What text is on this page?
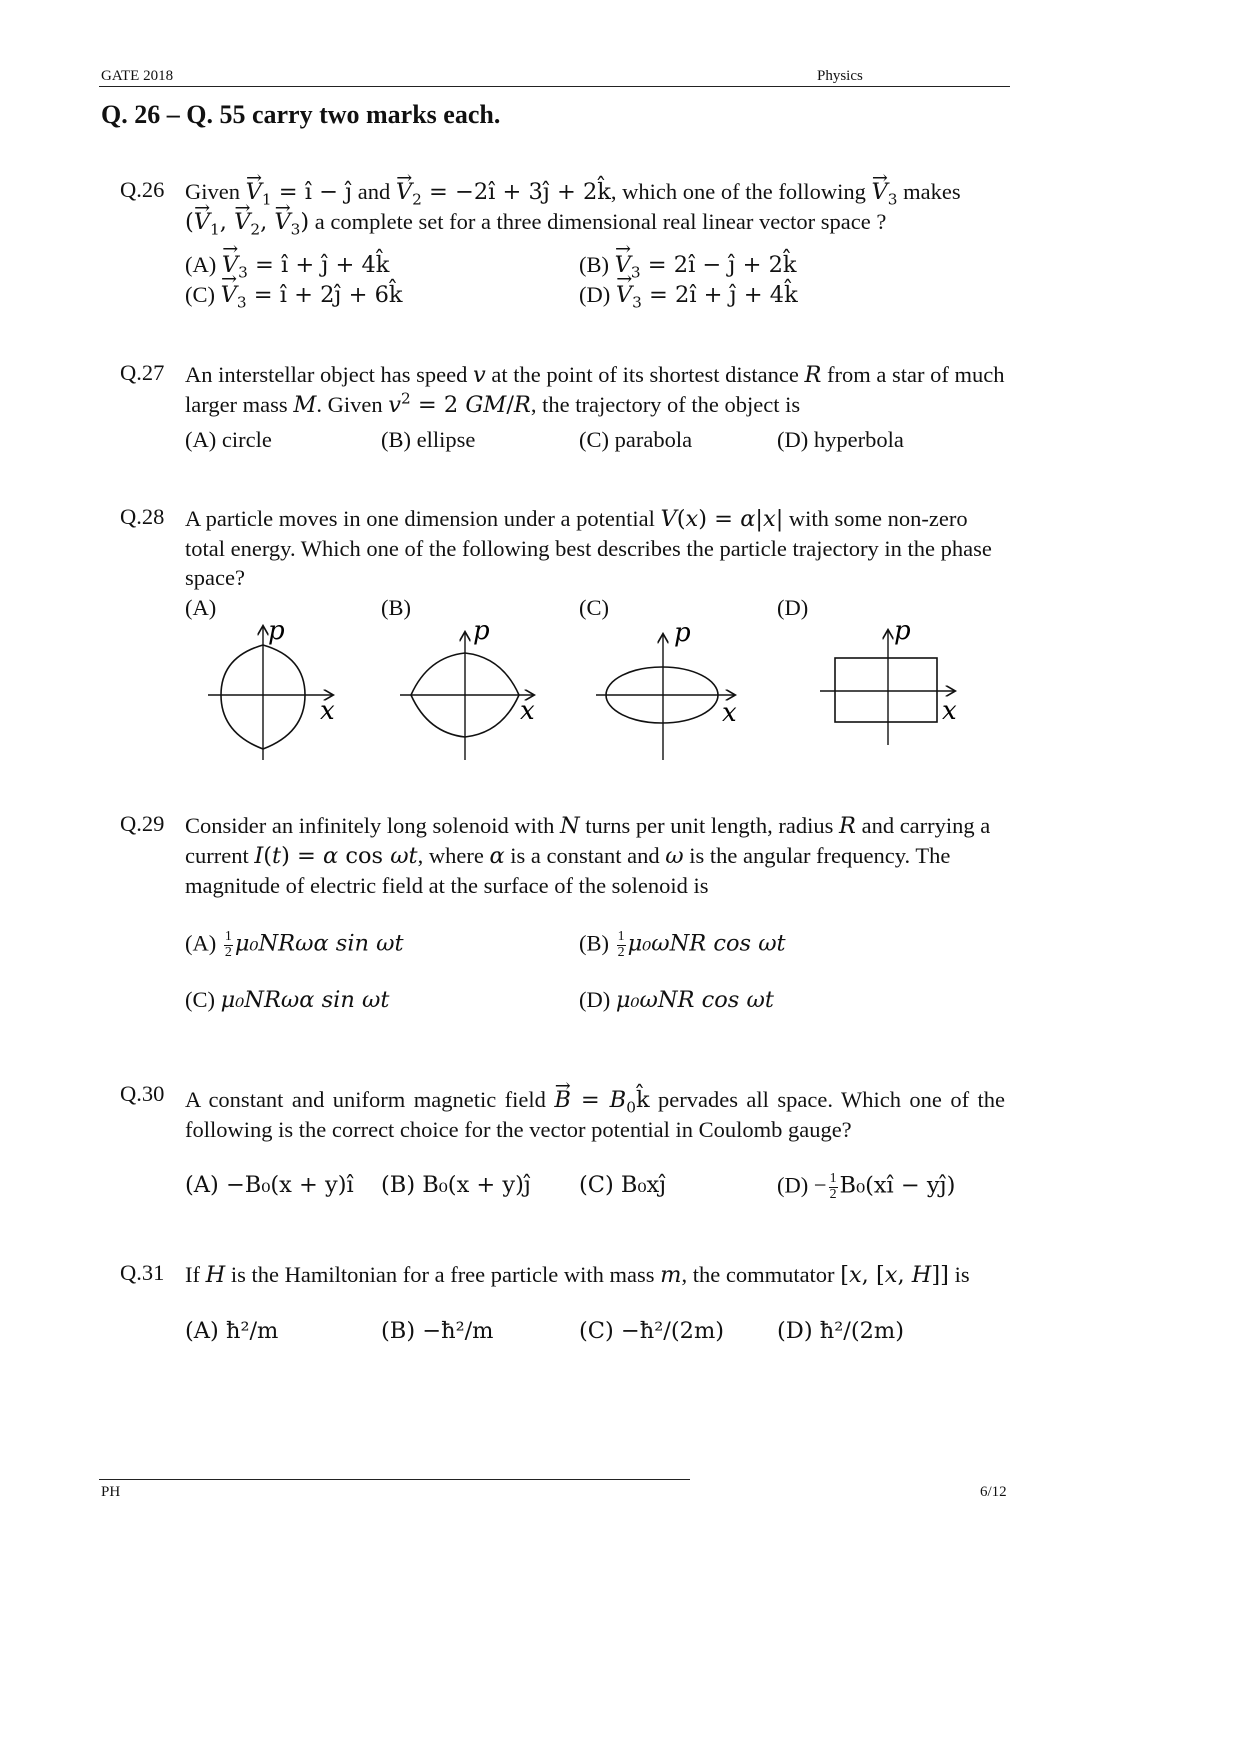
GATE 2018	Physics
Q. 26 – Q. 55 carry two marks each.
Q.26 Given → $V_1$ = î − ĵ and → $V_2$ = −2î + 3ĵ + 2k̂, which one of the following → $V_3$ makes
(→ $V_1$, → $V_2$, → $V_3$) a complete set for a three dimensional real linear vector space ?
$(A) \to V_3$ = î + ĵ + 4k̂	$(B) \to V_3$ = 2î − ĵ + 2k̂
$(C) \to V_3$ = î + 2ĵ + 6k̂	$(D) \to V_3$ = 2î + ĵ + 4k̂
Q.27 An interstellar object has speed v at the point of its shortest distance R from a star of much larger mass M. Given $v^2 = 2$ GM/R, the trajectory of the object is
(A) circle	(B) ellipse	(C) parabola	(D) hyperbola
Q.28 A particle moves in one dimension under a potential V(x) = α|x| with some non-zero total energy. Which one of the following best describes the particle trajectory in the phase space?
(A)	(B)	(C)	(D)
p
x
p
x
p
x
p
x
Q.29 Consider an infinitely long solenoid with N turns per unit length, radius R and carrying a current I(t) = α cos ωt, where α is a constant and ω is the angular frequency. The magnitude of electric field at the surface of the solenoid is
$(A) \frac{1}{2} \mu_0NR\omega\alpha$ sin ωt	$(B) \frac{1}{2} \mu_0\omega NR$ cos ωt
(C) μ₀NRωα sin ωt	(D) μ₀ωNR cos ωt
Q.30 A constant and uniform magnetic field → $B = B_0k̂$ pervades all space. Which one of the following is the correct choice for the vector potential in Coulomb gauge?
(A) −B₀(x + y)î (B) B₀(x + y)ĵ (C) B₀xĵ	$(D) - \frac{1}{2}$ B₀(xî − yĵ)
Q.31 If H is the Hamiltonian for a free particle with mass m, the commutator [x, [x, H]] is
(A) ħ²/m	(B) −ħ²/m	(C) −ħ²/(2m) (D) ħ²/(2m)
PH	6/12
